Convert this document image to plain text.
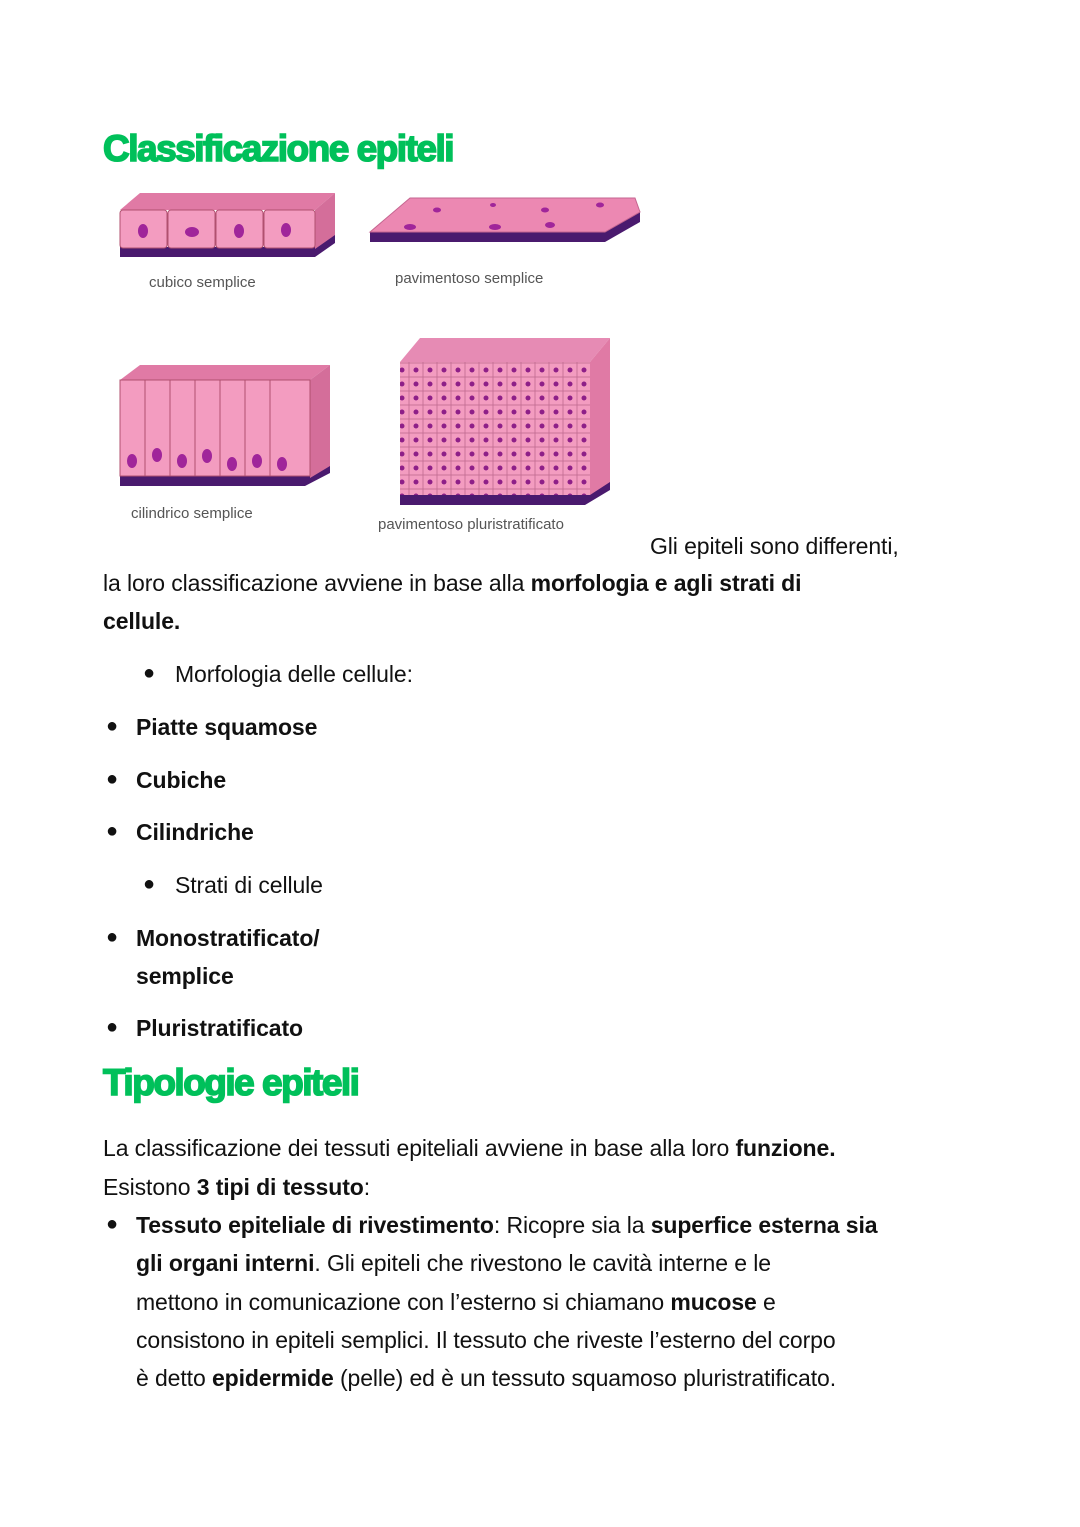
Classificazione epiteli
cubico semplice	pavimentoso semplice
cilindrico semplice
pavimentoso pluristratificato
Gli epiteli sono differenti,
la loro classificazione avviene in base alla morfologia e agli strati di
cellule.
● Morfologia delle cellule:
● Piatte squamose
● Cubiche
● Cilindriche
● Strati di cellule
● Monostratificato/
semplice
● Pluristratificato
Tipologie epiteli
La classificazione dei tessuti epiteliali avviene in base alla loro funzione.
Esistono 3 tipi di tessuto:
● Tessuto epiteliale di rivestimento: Ricopre sia la superfice esterna sia
gli organi interni. Gli epiteli che rivestono le cavità interne e le
mettono in comunicazione con l’esterno si chiamano mucose e
consistono in epiteli semplici. Il tessuto che riveste l’esterno del corpo
è detto epidermide (pelle) ed è un tessuto squamoso pluristratificato.
